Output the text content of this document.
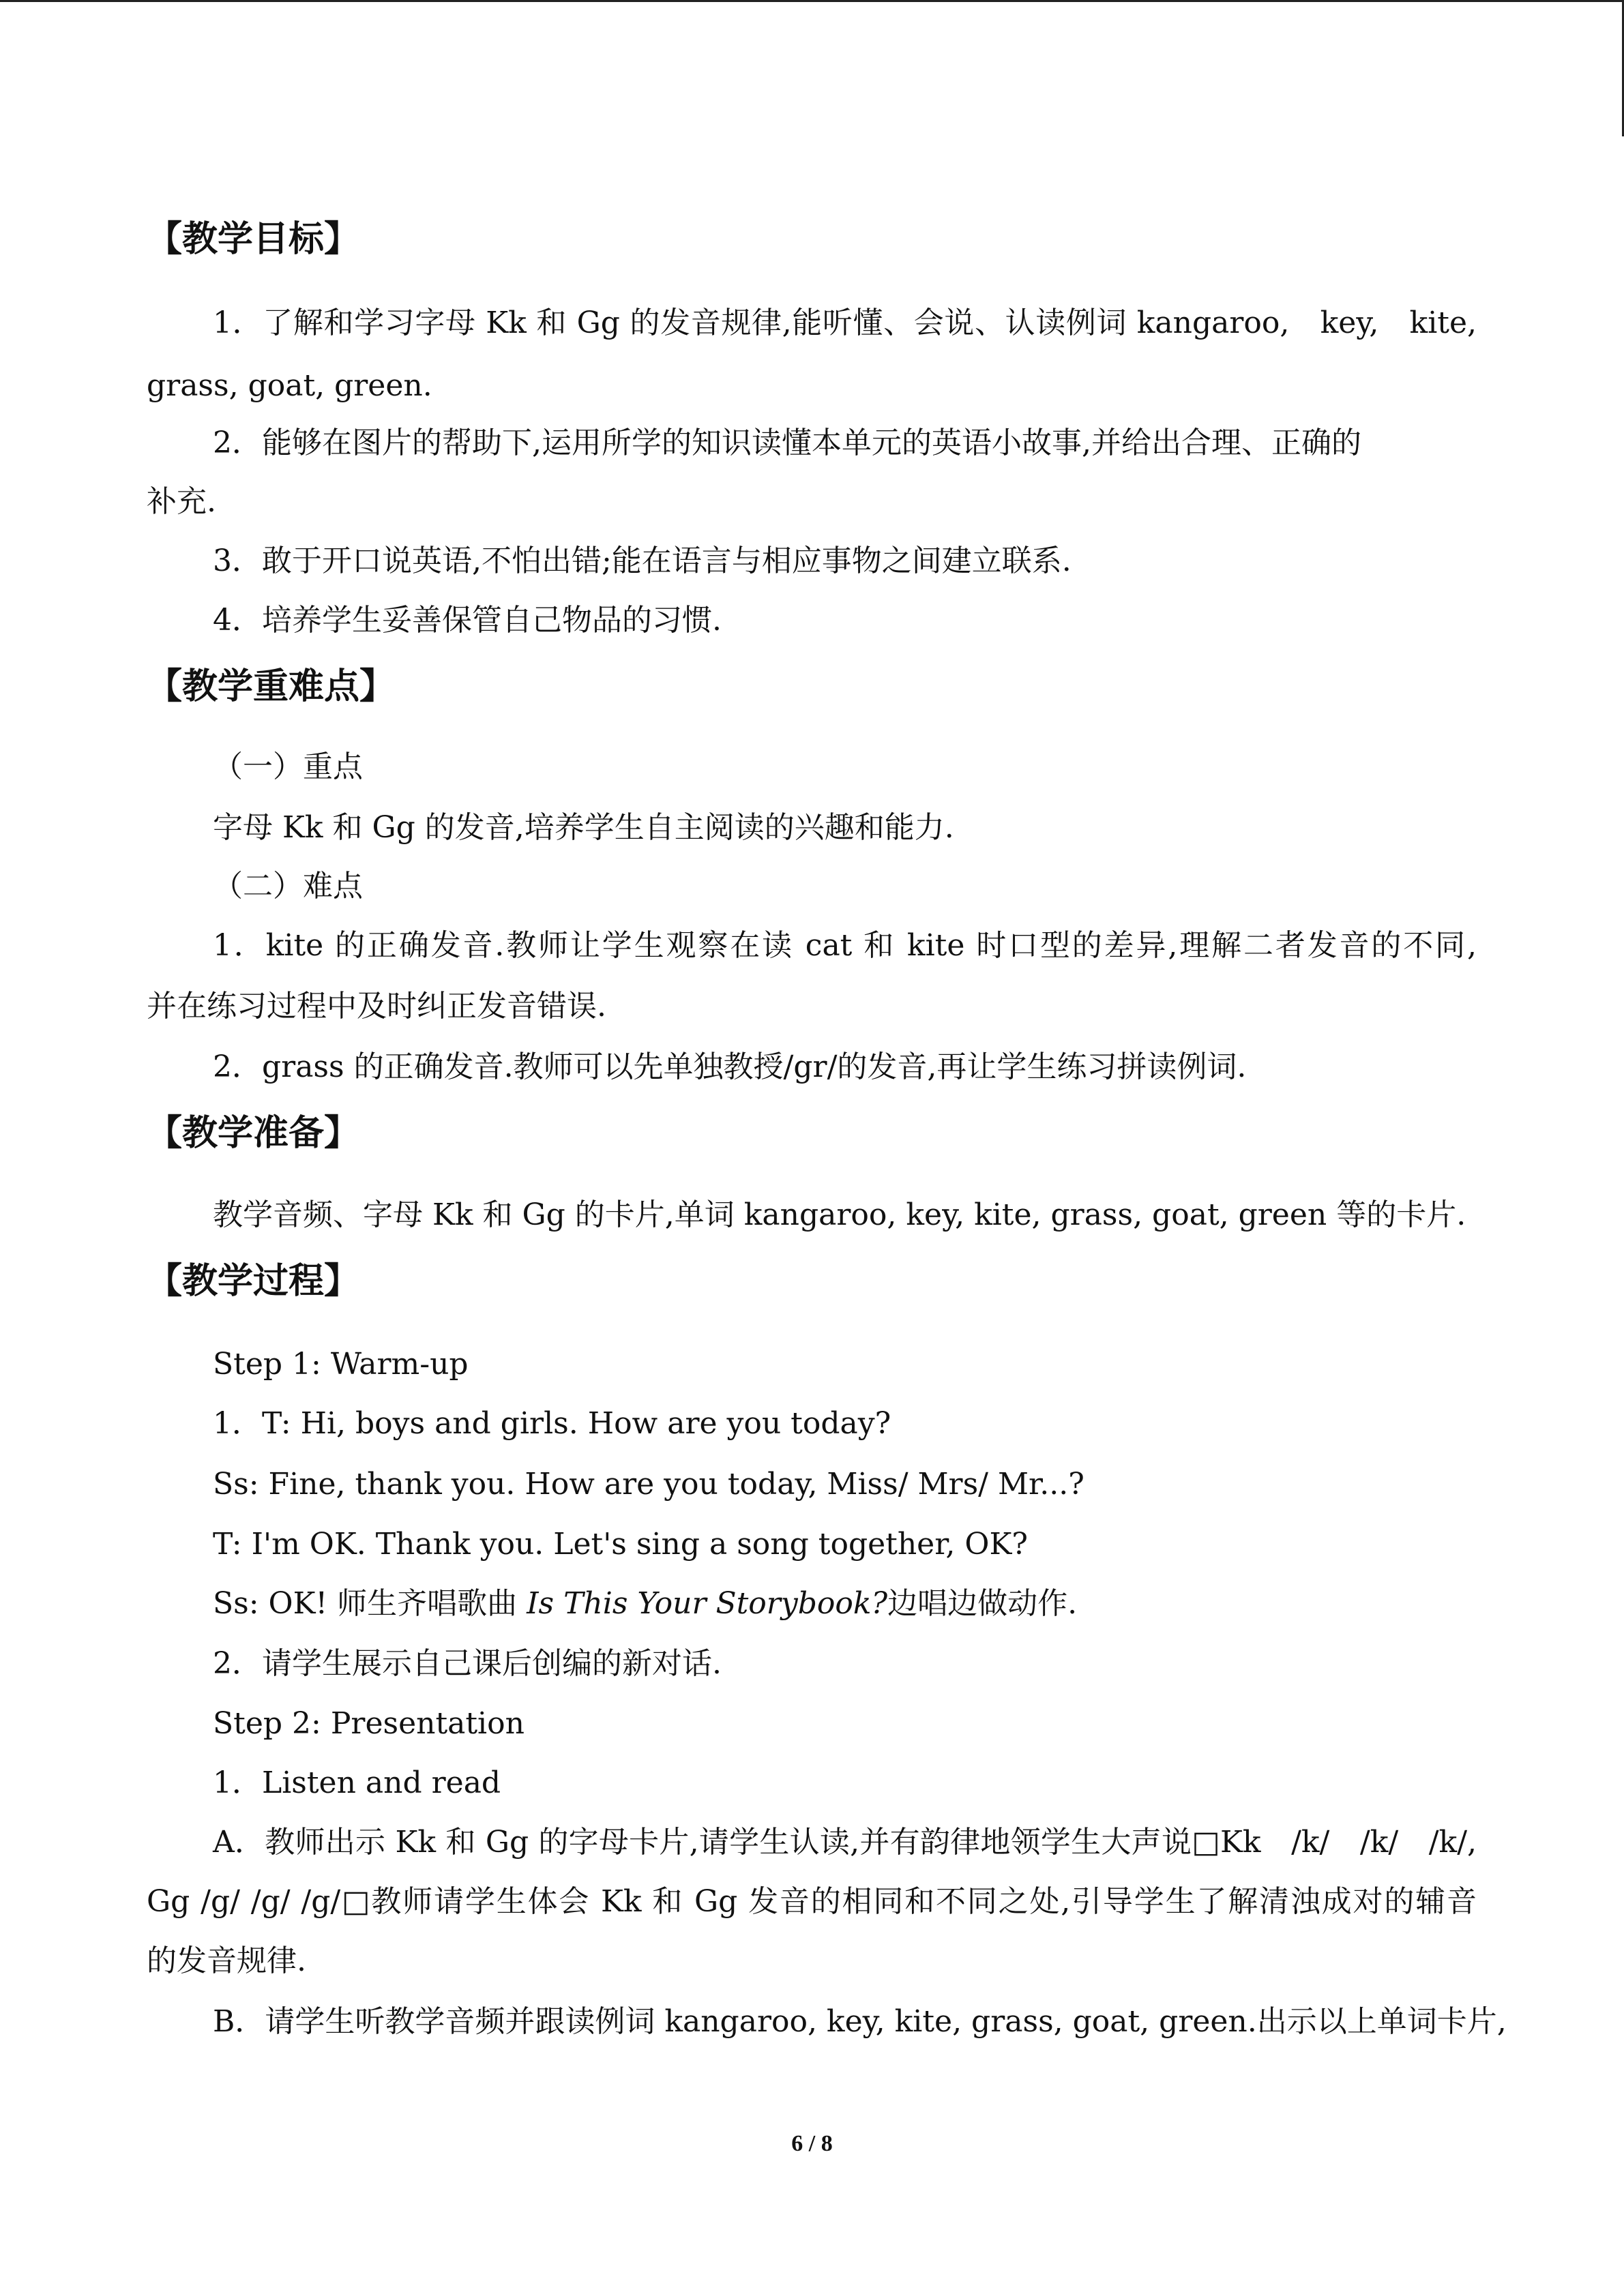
【教学目标】
1．了解和学习字母 Kk 和 Gg 的发音规律,能听懂、会说、认读例词 kangaroo,　key,　kite,
grass, goat, green.
2．能够在图片的帮助下,运用所学的知识读懂本单元的英语小故事,并给出合理、正确的
补充.
3．敢于开口说英语,不怕出错;能在语言与相应事物之间建立联系.
4．培养学生妥善保管自己物品的习惯.
【教学重难点】
（一）重点
字母 Kk 和 Gg 的发音,培养学生自主阅读的兴趣和能力.
（二）难点
1．kite 的正确发音.教师让学生观察在读 cat 和 kite 时口型的差异,理解二者发音的不同,
并在练习过程中及时纠正发音错误.
2．grass 的正确发音.教师可以先单独教授/gr/的发音,再让学生练习拼读例词.
【教学准备】
教学音频、字母 Kk 和 Gg 的卡片,单词 kangaroo, key, kite, grass, goat, green 等的卡片.
【教学过程】
Step 1: Warm-up
1．T: Hi, boys and girls. How are you today?
Ss: Fine, thank you. How are you today, Miss/ Mrs/ Mr...?
T: I'm OK. Thank you. Let's sing a song together, OK?
Ss: OK! 师生齐唱歌曲 Is This Your Storybook?边唱边做动作.
2．请学生展示自己课后创编的新对话.
Step 2: Presentation
1．Listen and read
A．教师出示 Kk 和 Gg 的字母卡片,请学生认读,并有韵律地领学生大声说□Kk　/k/　/k/　/k/,
Gg /g/ /g/ /g/□教师请学生体会 Kk 和 Gg 发音的相同和不同之处,引导学生了解清浊成对的辅音
的发音规律.
B．请学生听教学音频并跟读例词 kangaroo, key, kite, grass, goat, green.出示以上单词卡片,
6 / 8
